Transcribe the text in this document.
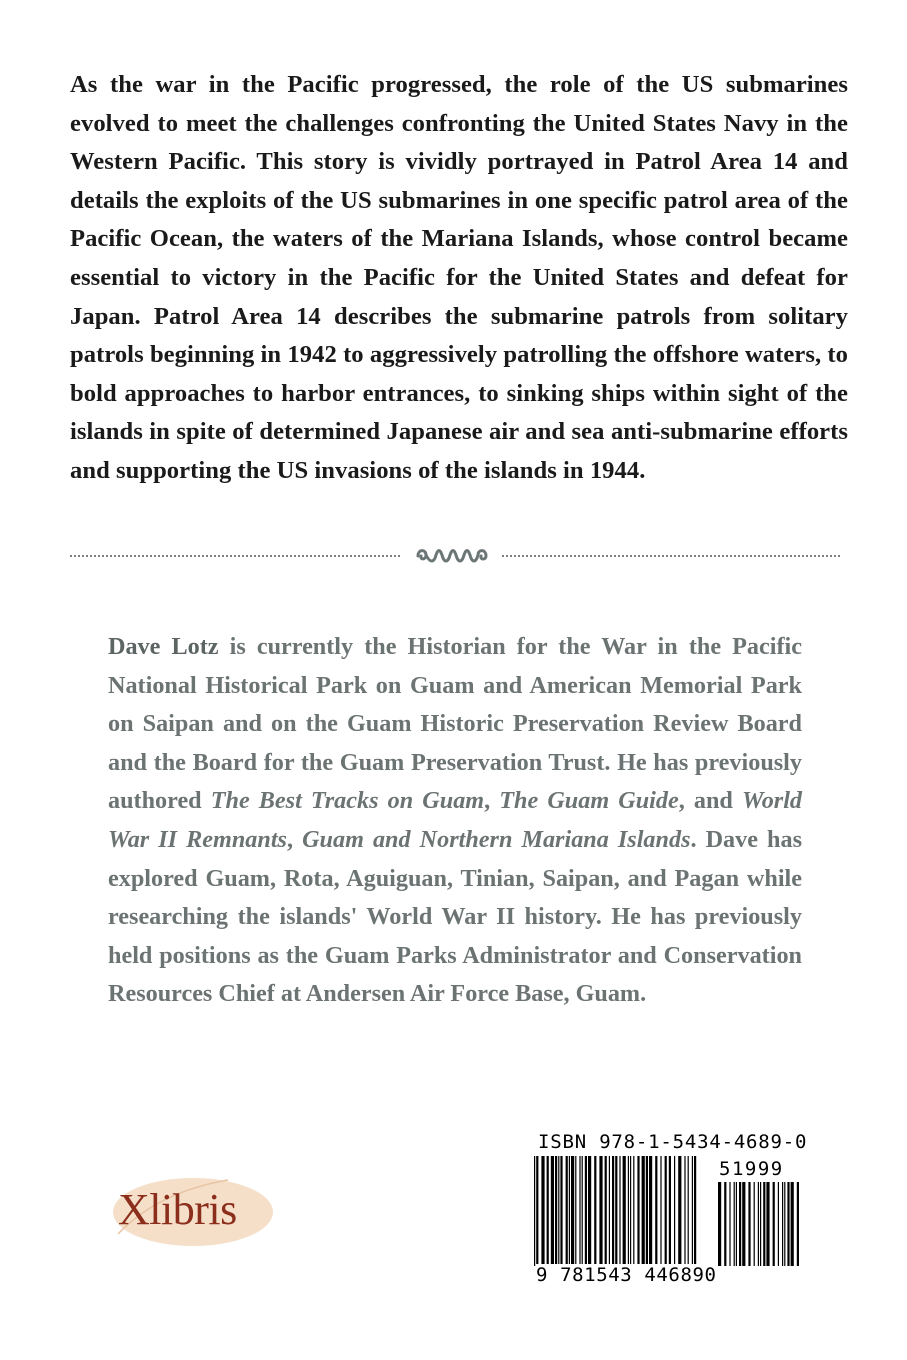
As the war in the Pacific progressed, the role of the US submarines evolved to meet the challenges confronting the United States Navy in the Western Pacific. This story is vividly portrayed in Patrol Area 14 and details the exploits of the US submarines in one specific patrol area of the Pacific Ocean, the waters of the Mariana Islands, whose control became essential to victory in the Pacific for the United States and defeat for Japan. Patrol Area 14 describes the submarine patrols from solitary patrols beginning in 1942 to aggressively patrolling the offshore waters, to bold approaches to harbor entrances, to sinking ships within sight of the islands in spite of determined Japanese air and sea anti-submarine efforts and supporting the US invasions of the islands in 1944.

Dave Lotz is currently the Historian for the War in the Pacific National Historical Park on Guam and American Memorial Park on Saipan and on the Guam Historic Preservation Review Board and the Board for the Guam Preservation Trust. He has previously authored The Best Tracks on Guam, The Guam Guide, and World War II Remnants, Guam and Northern Mariana Islands. Dave has explored Guam, Rota, Aguiguan, Tinian, Saipan, and Pagan while researching the islands' World War II history. He has previously held positions as the Guam Parks Administrator and Conservation Resources Chief at Andersen Air Force Base, Guam.

Xlibris
ISBN 978-1-5434-4689-0
51999
9 781543 446890
